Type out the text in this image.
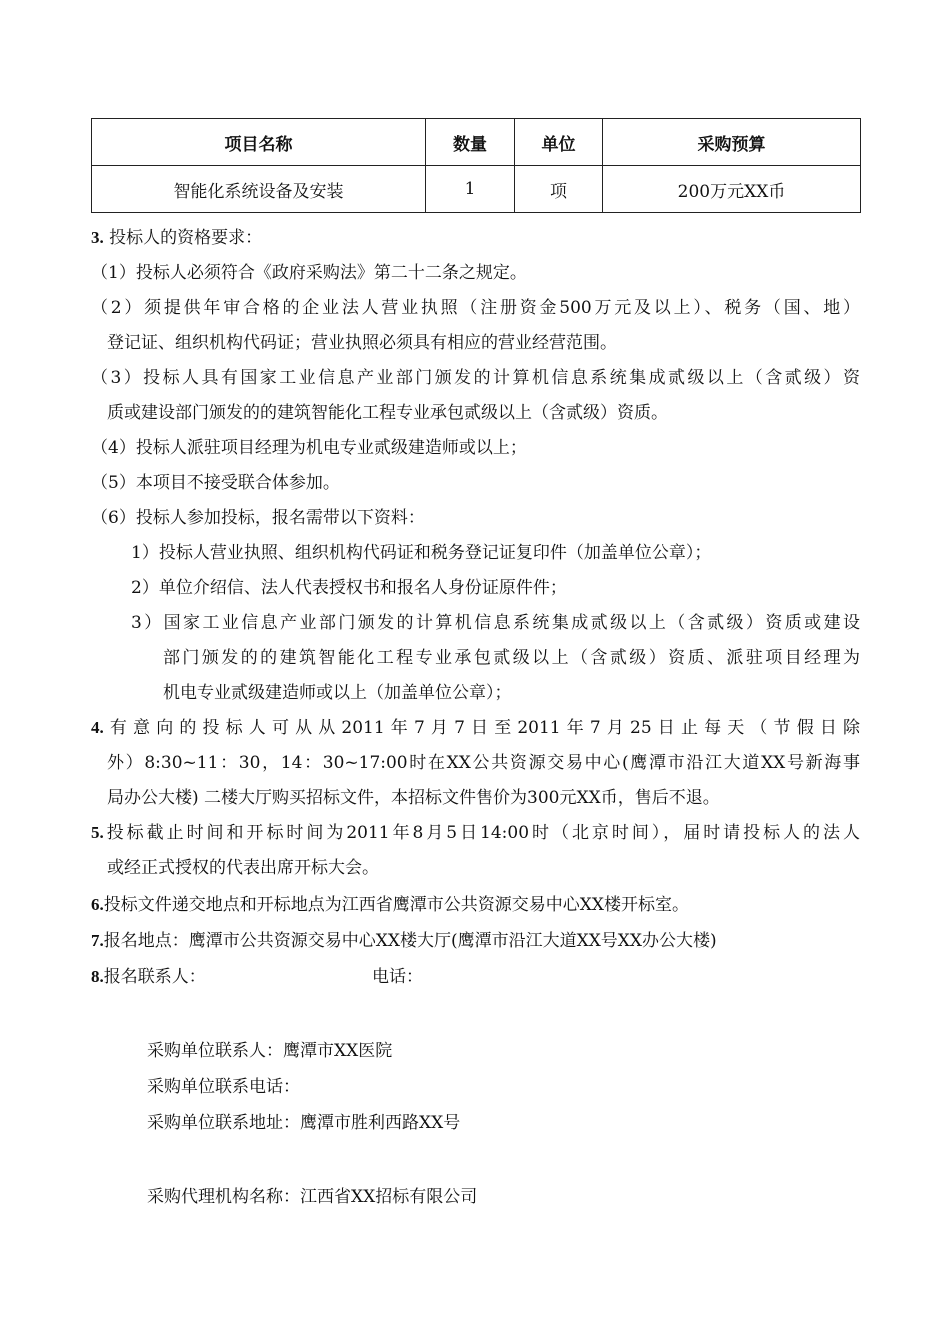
项目名称	数量	单位	采购预算
智能化系统设备及安装	1	项	200万元XX币
3. 投标人的资格要求：
（1）投标人必须符合《政府采购法》第二十二条之规定。
（2）须提供年审合格的企业法人营业执照（注册资金500万元及以上）、税务（国、地）
登记证、组织机构代码证；营业执照必须具有相应的营业经营范围。
（3）投标人具有国家工业信息产业部门颁发的计算机信息系统集成贰级以上（含贰级）资
质或建设部门颁发的的建筑智能化工程专业承包贰级以上（含贰级）资质。
（4）投标人派驻项目经理为机电专业贰级建造师或以上；
（5）本项目不接受联合体参加。
（6）投标人参加投标，报名需带以下资料：
1）投标人营业执照、组织机构代码证和税务登记证复印件（加盖单位公章）；
2）单位介绍信、法人代表授权书和报名人身份证原件件；
3）国家工业信息产业部门颁发的计算机信息系统集成贰级以上（含贰级）资质或建设
部门颁发的的建筑智能化工程专业承包贰级以上（含贰级）资质、派驻项目经理为
机电专业贰级建造师或以上（加盖单位公章）；
4.有意向的投标人可从从2011年7月7日至2011年7月25日止每天（节假日除
外）8:30~11：30，14：30~17:00时在XX公共资源交易中心(鹰潭市沿江大道XX号新海事
局办公大楼) 二楼大厅购买招标文件，本招标文件售价为300元XX币，售后不退。
5.投标截止时间和开标时间为2011年8月5日14:00时（北京时间），届时请投标人的法人
或经正式授权的代表出席开标大会。
6.投标文件递交地点和开标地点为江西省鹰潭市公共资源交易中心XX楼开标室。
7.报名地点：鹰潭市公共资源交易中心XX楼大厅(鹰潭市沿江大道XX号XX办公大楼)
8.报名联系人：	电话：
采购单位联系人：鹰潭市XX医院
采购单位联系电话：
采购单位联系地址：鹰潭市胜利西路XX号
采购代理机构名称：江西省XX招标有限公司
